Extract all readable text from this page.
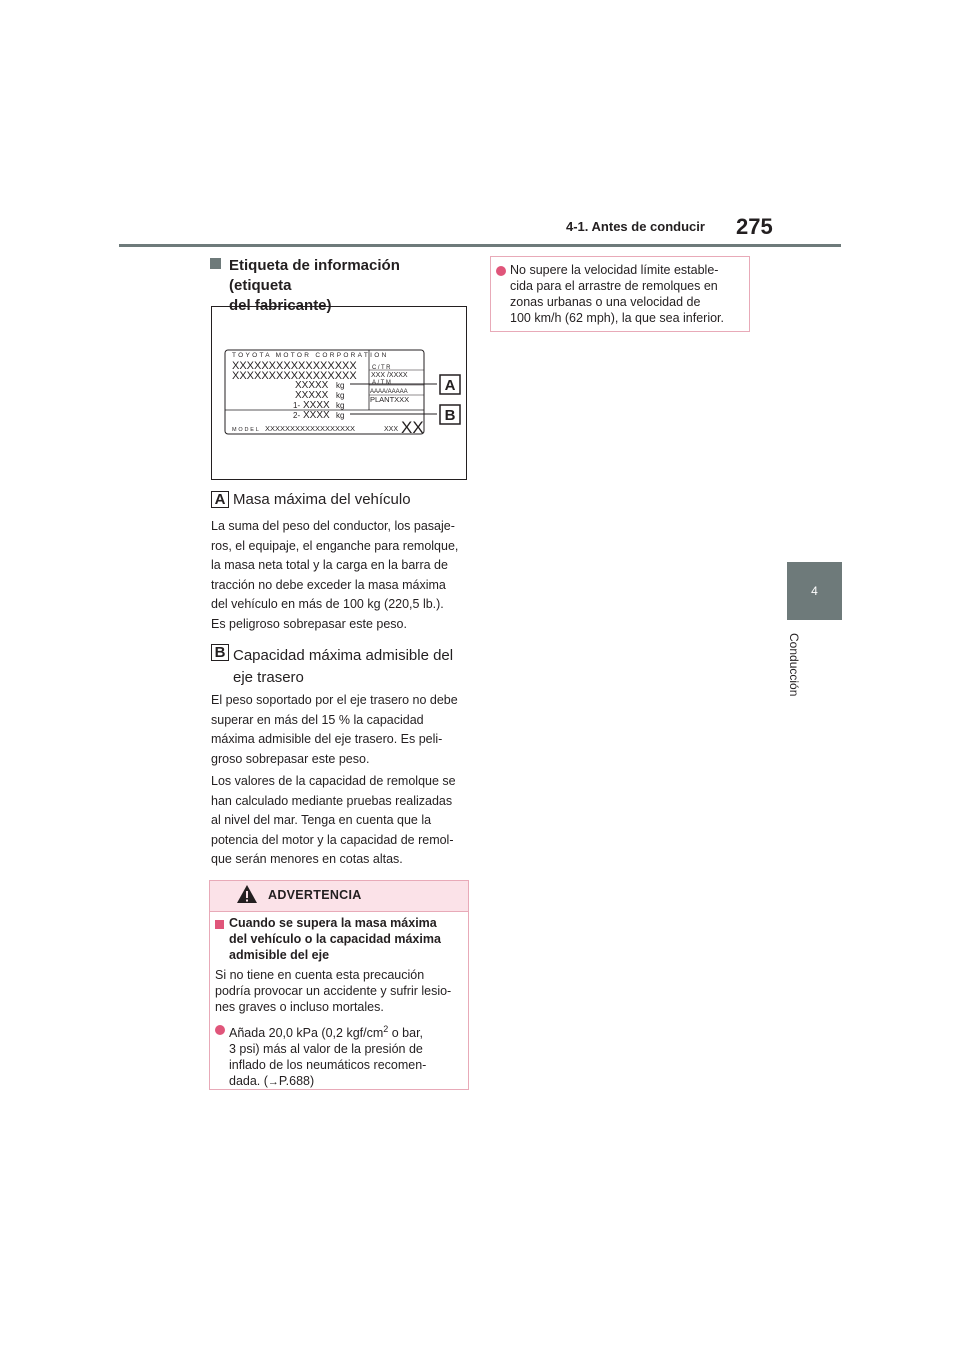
4-1. Antes de conducir 275
4
Conducción
Etiqueta de información (etiqueta
del fabricante)
TOYOTA MOTOR CORPORATION
XXXXXXXXXXXXXXXXX
XXXXXXXXXXXXXXXXX
XXXXX kg
XXXXX kg
1- XXXX kg
2- XXXX kg
C/TR
XXX /XXXX
A/TM
AAAA/AAAAA
PLANTXXX
MODEL XXXXXXXXXXXXXXXXXX	XXX XX
A
B
A Masa máxima del vehículo
La suma del peso del conductor, los pasaje-
ros, el equipaje, el enganche para remolque,
la masa neta total y la carga en la barra de
tracción no debe exceder la masa máxima
del vehículo en más de 100 kg (220,5 lb.).
Es peligroso sobrepasar este peso.
B Capacidad máxima admisible del
eje trasero
El peso soportado por el eje trasero no debe
superar en más del 15 % la capacidad
máxima admisible del eje trasero. Es peli-
groso sobrepasar este peso.
Los valores de la capacidad de remolque se
han calculado mediante pruebas realizadas
al nivel del mar. Tenga en cuenta que la
potencia del motor y la capacidad de remol-
que serán menores en cotas altas.
ADVERTENCIA
Cuando se supera la masa máxima
del vehículo o la capacidad máxima
admisible del eje
Si no tiene en cuenta esta precaución
podría provocar un accidente y sufrir lesio-
nes graves o incluso mortales.
Añada 20,0 kPa (0,2 kgf/$cm^2$ o bar,
3 psi) más al valor de la presión de
inflado de los neumáticos recomen-
dada. (→P.688)
No supere la velocidad límite estable-
cida para el arrastre de remolques en
zonas urbanas o una velocidad de
100 km/h (62 mph), la que sea inferior.
